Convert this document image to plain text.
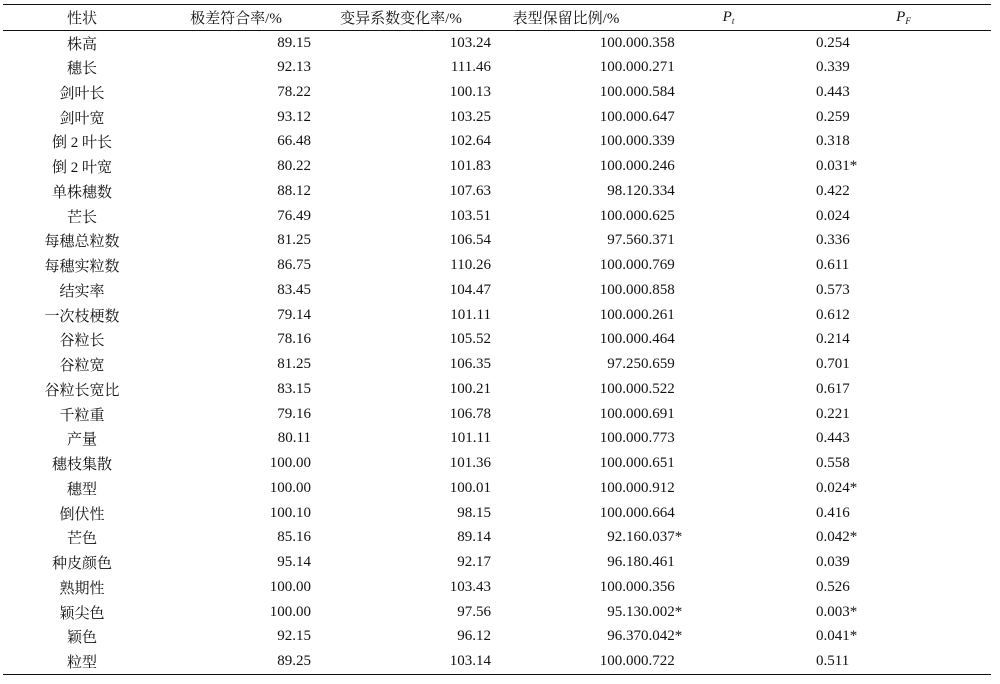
性状	极差符合率/%	变异系数变化率/%	表型保留比例/%	$P_t$	$P_F$
株高	89.15	103.24	100.00	0.358	0.254
穗长	92.13	111.46	100.00	0.271	0.339
剑叶长	78.22	100.13	100.00	0.584	0.443
剑叶宽	93.12	103.25	100.00	0.647	0.259
倒 2 叶长	66.48	102.64	100.00	0.339	0.318
倒 2 叶宽	80.22	101.83	100.00	0.246	0.031*
单株穗数	88.12	107.63	98.12	0.334	0.422
芒长	76.49	103.51	100.00	0.625	0.024
每穗总粒数	81.25	106.54	97.56	0.371	0.336
每穗实粒数	86.75	110.26	100.00	0.769	0.611
结实率	83.45	104.47	100.00	0.858	0.573
一次枝梗数	79.14	101.11	100.00	0.261	0.612
谷粒长	78.16	105.52	100.00	0.464	0.214
谷粒宽	81.25	106.35	97.25	0.659	0.701
谷粒长宽比	83.15	100.21	100.00	0.522	0.617
千粒重	79.16	106.78	100.00	0.691	0.221
产量	80.11	101.11	100.00	0.773	0.443
穗枝集散	100.00	101.36	100.00	0.651	0.558
穗型	100.00	100.01	100.00	0.912	0.024*
倒伏性	100.10	98.15	100.00	0.664	0.416
芒色	85.16	89.14	92.16	0.037*	0.042*
种皮颜色	95.14	92.17	96.18	0.461	0.039
熟期性	100.00	103.43	100.00	0.356	0.526
颖尖色	100.00	97.56	95.13	0.002*	0.003*
颖色	92.15	96.12	96.37	0.042*	0.041*
粒型	89.25	103.14	100.00	0.722	0.511
